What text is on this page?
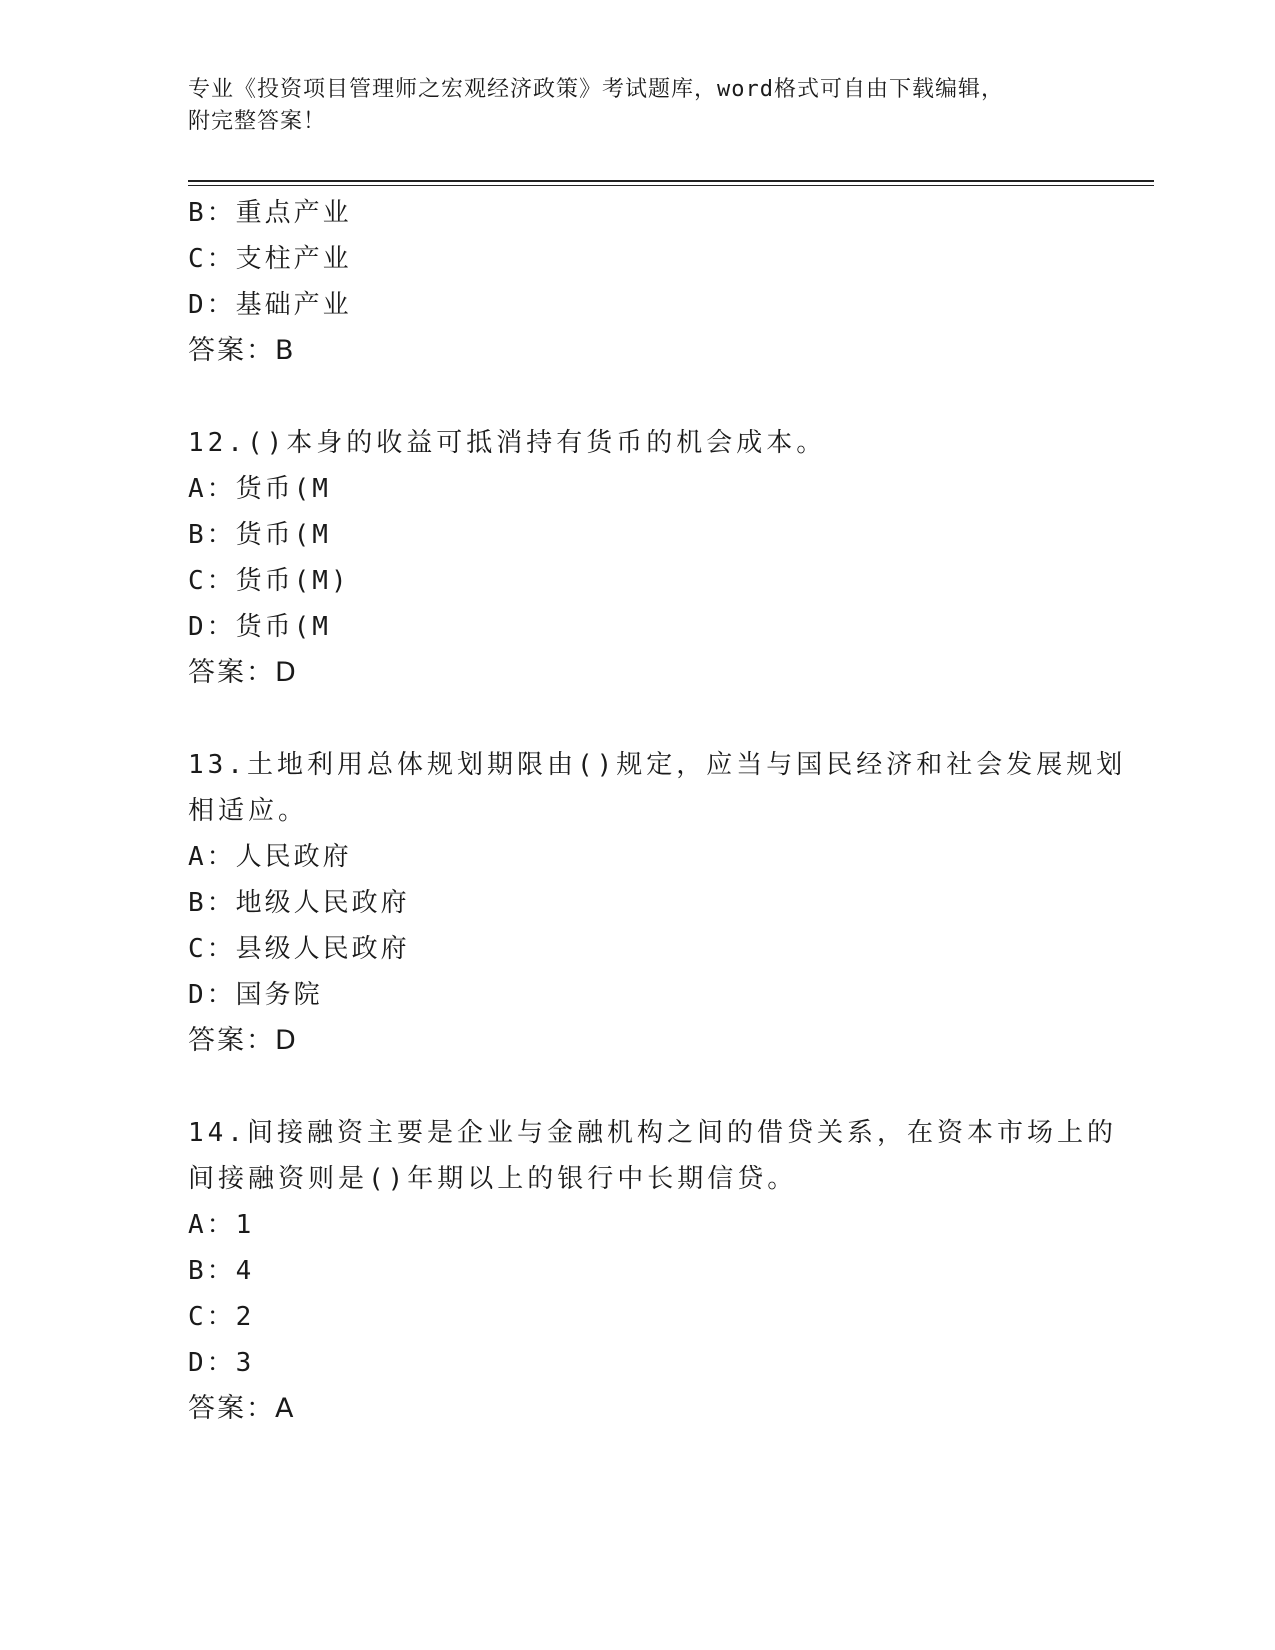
专业《投资项目管理师之宏观经济政策》考试题库，word格式可自由下载编辑，
附完整答案！
B：重点产业
C：支柱产业
D：基础产业
答案：B
12.()本身的收益可抵消持有货币的机会成本。
A：货币(M
B：货币(M
C：货币(M)
D：货币(M
答案：D
13.土地利用总体规划期限由()规定，应当与国民经济和社会发展规划
相适应。
A：人民政府
B：地级人民政府
C：县级人民政府
D：国务院
答案：D
14.间接融资主要是企业与金融机构之间的借贷关系，在资本市场上的
间接融资则是()年期以上的银行中长期信贷。
A：1
B：4
C：2
D：3
答案：A
